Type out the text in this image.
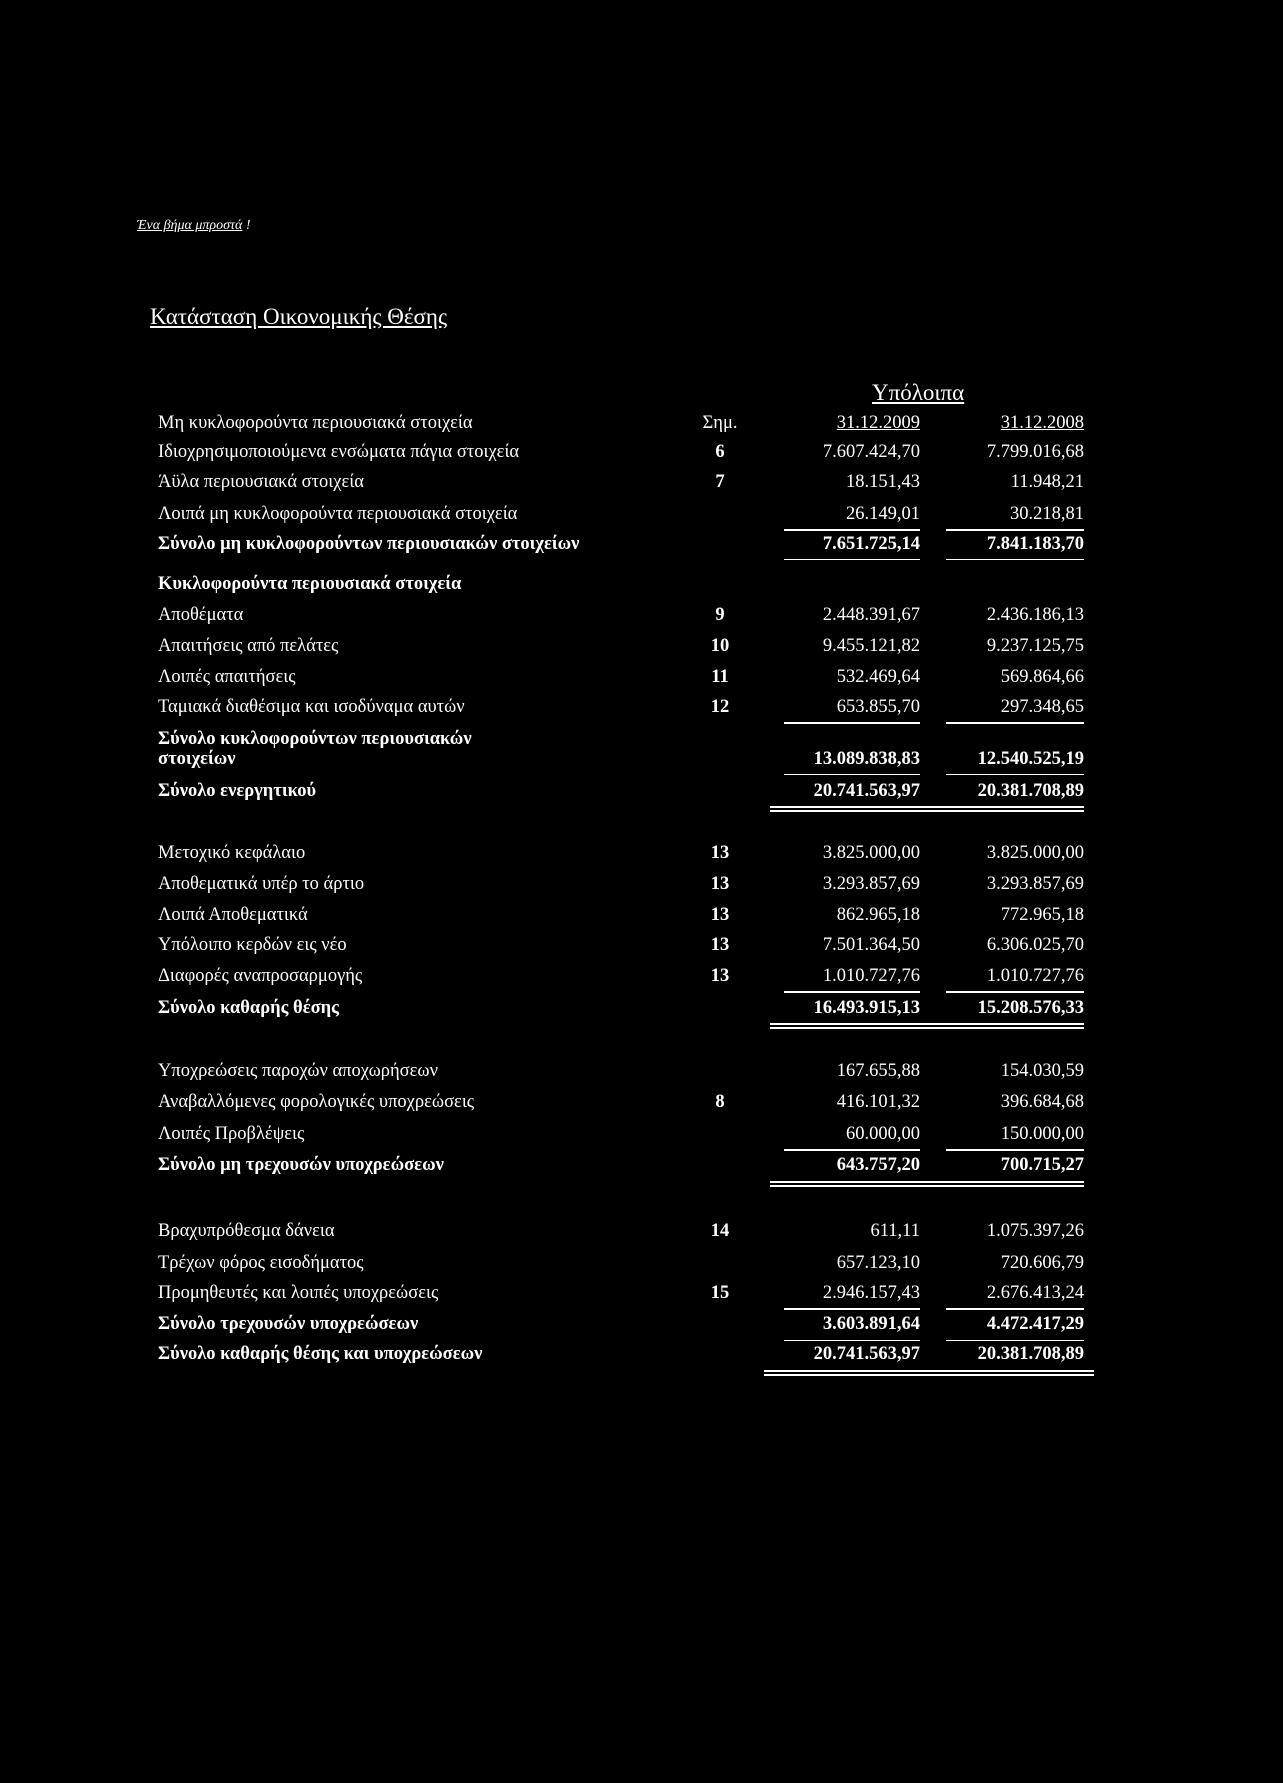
Ένα βήμα μπροστά !
Κατάσταση Οικονομικής Θέσης
Υπόλοιπα
Μη κυκλοφορούντα περιουσιακά στοιχεία	Σημ.	31.12.2009	31.12.2008
Ιδιοχρησιμοποιούμενα ενσώματα πάγια στοιχεία	6	7.607.424,70	7.799.016,68
Άϋλα περιουσιακά στοιχεία	7	18.151,43	11.948,21
Λοιπά μη κυκλοφορούντα περιουσιακά στοιχεία	26.149,01	30.218,81
Σύνολο μη κυκλοφορούντων περιουσιακών στοιχείων	7.651.725,14	7.841.183,70
Κυκλοφορούντα περιουσιακά στοιχεία
Αποθέματα	9	2.448.391,67	2.436.186,13
Απαιτήσεις από πελάτες	10	9.455.121,82	9.237.125,75
Λοιπές απαιτήσεις	11	532.469,64	569.864,66
Ταμιακά διαθέσιμα και ισοδύναμα αυτών	12	653.855,70	297.348,65
Σύνολο κυκλοφορούντων περιουσιακών
στοιχείων	13.089.838,83	12.540.525,19
Σύνολο ενεργητικού	20.741.563,97	20.381.708,89
Μετοχικό κεφάλαιο	13	3.825.000,00	3.825.000,00
Αποθεματικά υπέρ το άρτιο	13	3.293.857,69	3.293.857,69
Λοιπά Αποθεματικά	13	862.965,18	772.965,18
Υπόλοιπο κερδών εις νέο	13	7.501.364,50	6.306.025,70
Διαφορές αναπροσαρμογής	13	1.010.727,76	1.010.727,76
Σύνολο καθαρής θέσης	16.493.915,13	15.208.576,33
Υποχρεώσεις παροχών αποχωρήσεων	167.655,88	154.030,59
Αναβαλλόμενες φορολογικές υποχρεώσεις	8	416.101,32	396.684,68
Λοιπές Προβλέψεις	60.000,00	150.000,00
Σύνολο μη τρεχουσών υποχρεώσεων	643.757,20	700.715,27
Βραχυπρόθεσμα δάνεια	14	611,11	1.075.397,26
Τρέχων φόρος εισοδήματος	657.123,10	720.606,79
Προμηθευτές και λοιπές υποχρεώσεις	15	2.946.157,43	2.676.413,24
Σύνολο τρεχουσών υποχρεώσεων	3.603.891,64	4.472.417,29
Σύνολο καθαρής θέσης και υποχρεώσεων	20.741.563,97	20.381.708,89
